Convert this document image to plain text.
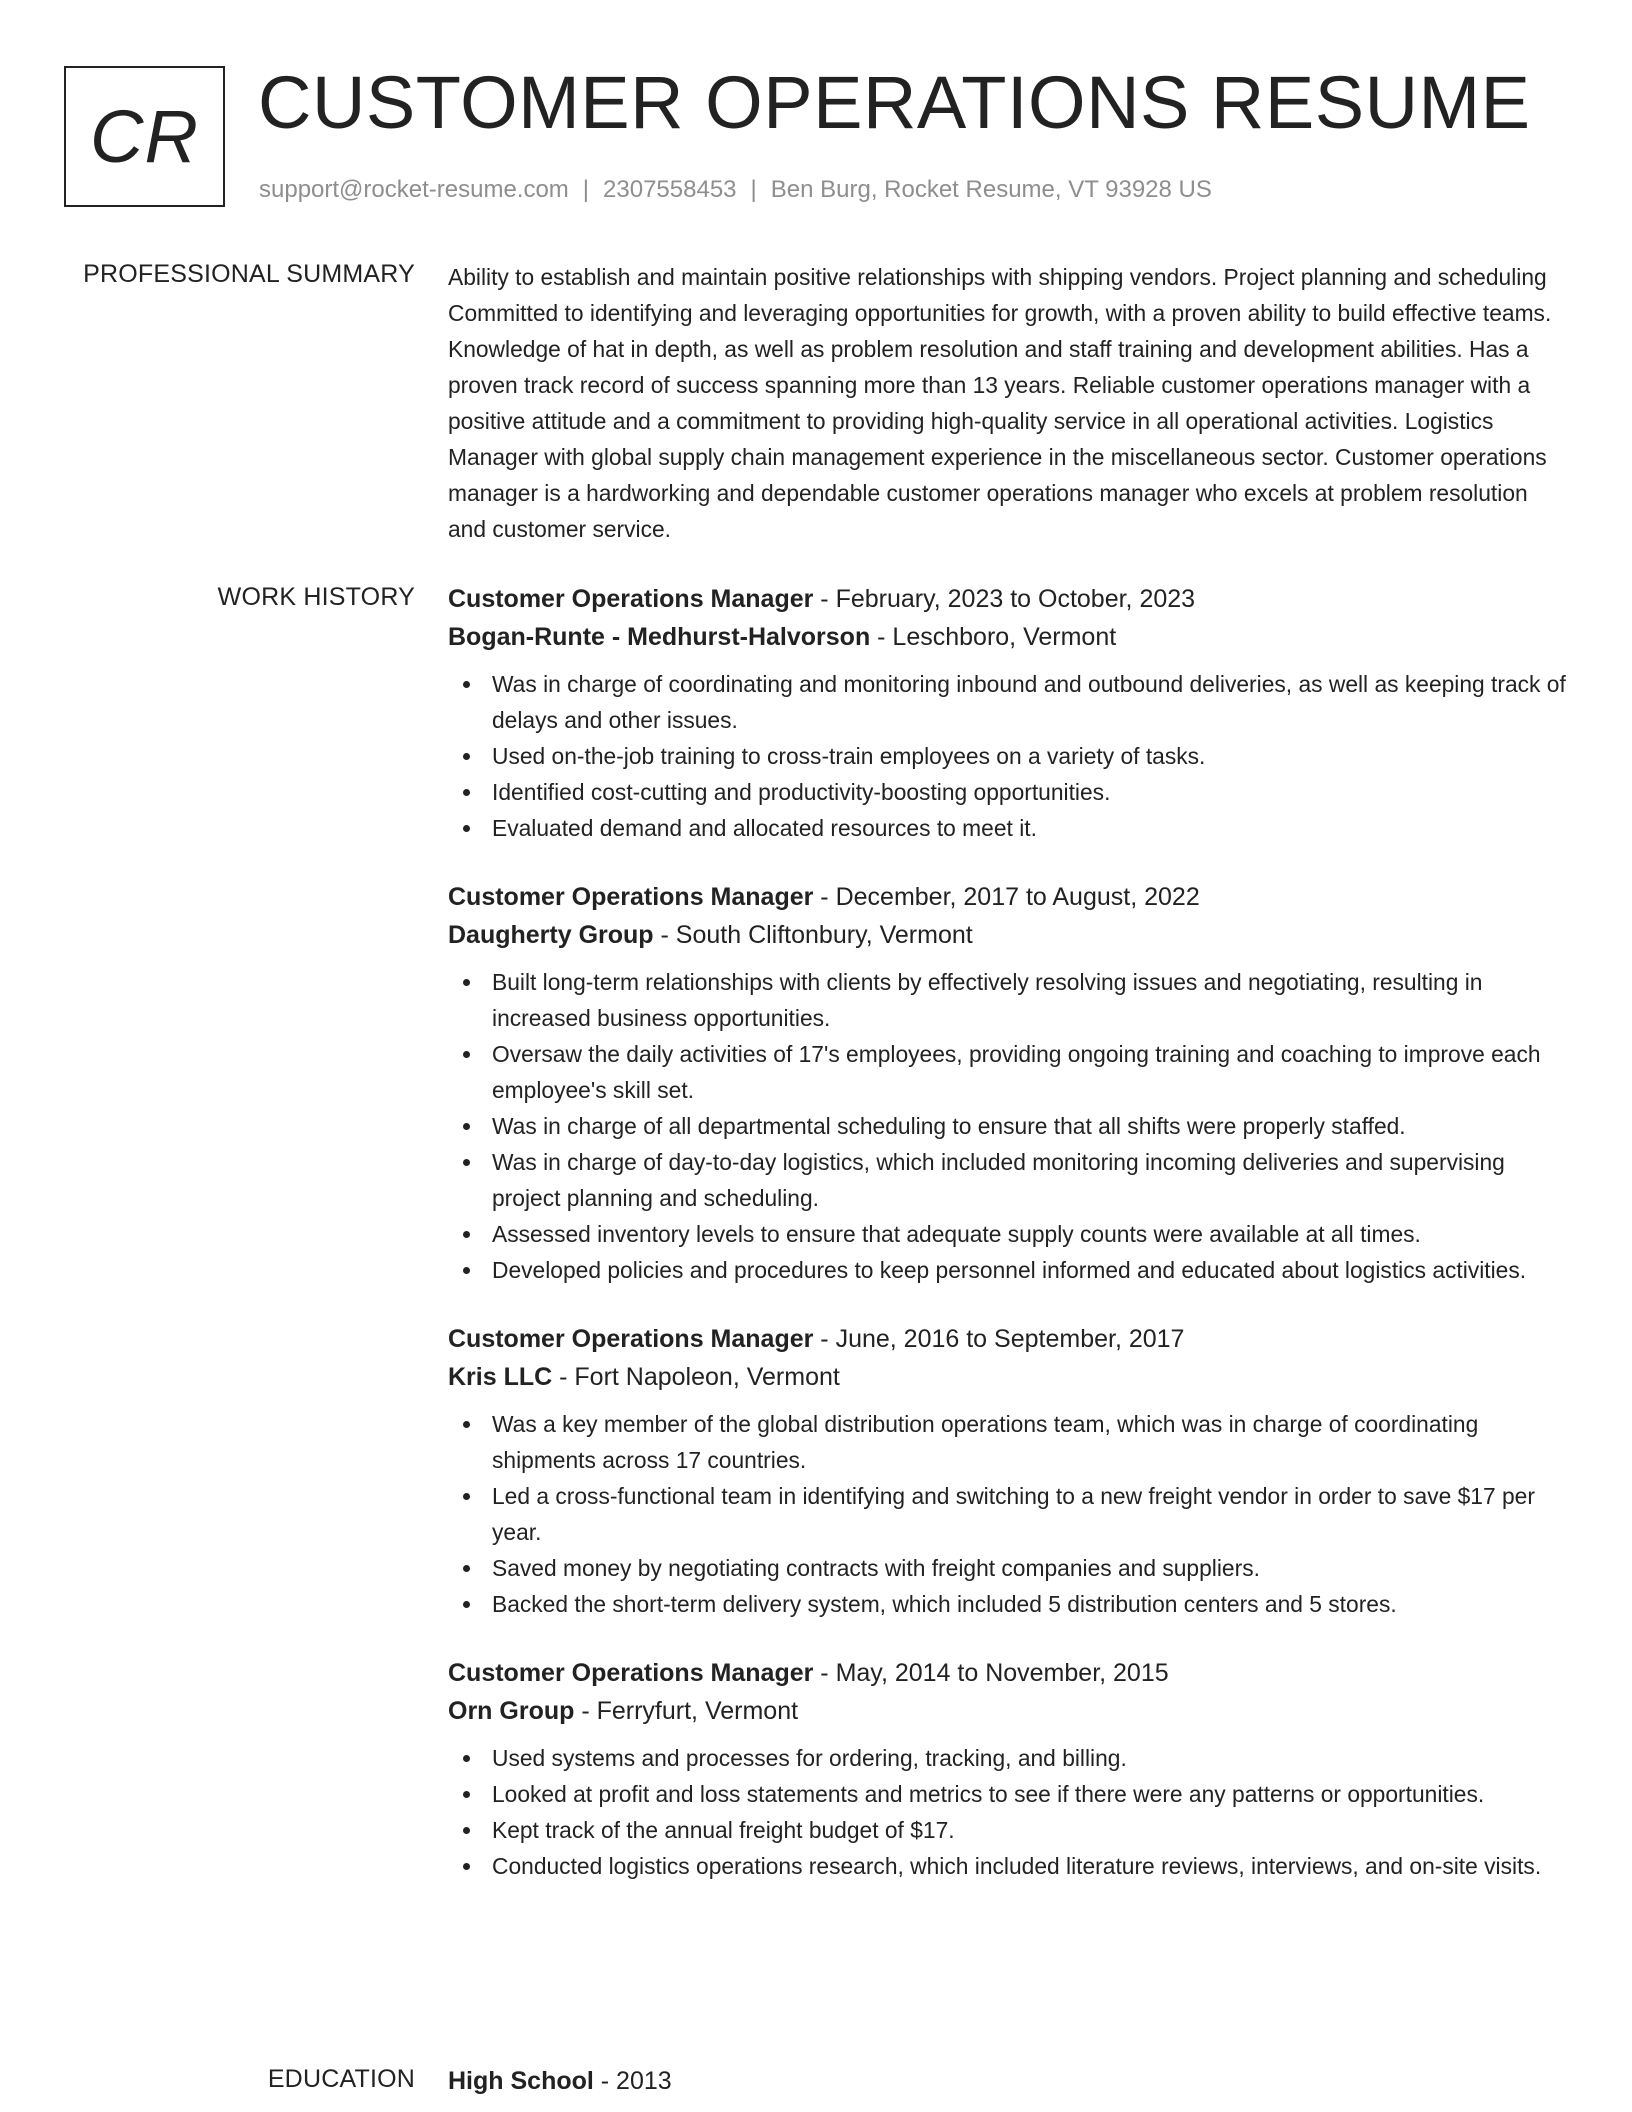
CR CUSTOMER OPERATIONS RESUME
support@rocket-resume.com | 2307558453 | Ben Burg, Rocket Resume, VT 93928 US
PROFESSIONAL SUMMARY Ability to establish and maintain positive relationships with shipping vendors. Project planning and scheduling Committed to identifying and leveraging opportunities for growth, with a proven ability to build effective teams. Knowledge of hat in depth, as well as problem resolution and staff training and development abilities. Has a proven track record of success spanning more than 13 years. Reliable customer operations manager with a positive attitude and a commitment to providing high-quality service in all operational activities. Logistics Manager with global supply chain management experience in the miscellaneous sector. Customer operations manager is a hardworking and dependable customer operations manager who excels at problem resolution and customer service.

WORK HISTORY Customer Operations Manager - February, 2023 to October, 2023
Bogan-Runte - Medhurst-Halvorson - Leschboro, Vermont
Was in charge of coordinating and monitoring inbound and outbound deliveries, as well as keeping track of delays and other issues.
Used on-the-job training to cross-train employees on a variety of tasks.
Identified cost-cutting and productivity-boosting opportunities.
Evaluated demand and allocated resources to meet it.
Customer Operations Manager - December, 2017 to August, 2022
Daugherty Group - South Cliftonbury, Vermont
Built long-term relationships with clients by effectively resolving issues and negotiating, resulting in increased business opportunities.
Oversaw the daily activities of 17's employees, providing ongoing training and coaching to improve each employee's skill set.
Was in charge of all departmental scheduling to ensure that all shifts were properly staffed.
Was in charge of day-to-day logistics, which included monitoring incoming deliveries and supervising project planning and scheduling.
Assessed inventory levels to ensure that adequate supply counts were available at all times.
Developed policies and procedures to keep personnel informed and educated about logistics activities.
Customer Operations Manager - June, 2016 to September, 2017
Kris LLC - Fort Napoleon, Vermont
Was a key member of the global distribution operations team, which was in charge of coordinating shipments across 17 countries.
Led a cross-functional team in identifying and switching to a new freight vendor in order to save $17 per year.
Saved money by negotiating contracts with freight companies and suppliers.
Backed the short-term delivery system, which included 5 distribution centers and 5 stores.
Customer Operations Manager - May, 2014 to November, 2015
Orn Group - Ferryfurt, Vermont
Used systems and processes for ordering, tracking, and billing.
Looked at profit and loss statements and metrics to see if there were any patterns or opportunities.
Kept track of the annual freight budget of $17.
Conducted logistics operations research, which included literature reviews, interviews, and on-site visits.
EDUCATION High School - 2013
